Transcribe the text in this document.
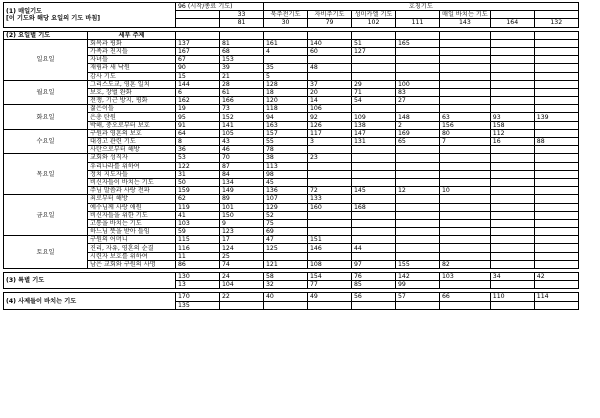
(1) 매일기도
[이 기도와 해당 요일의 기도 바침]		96 (시작/종료 기도)		호칭기도						
			33	묵주전기도	자비주기도	성미카엘 기도		매일 바치는 기도		
			81	30	79	102	111	143	164	132

(2) 요일별 기도	세부 주제									
일요일	회복과 평화	137	81	161	140	51	165			
	가족과 친지들	167	68	4	60	127				
	자녀들	67	153							
	재림과 새 낙원	90	39	35	48					
	감사 기도	15	21	5						
월요일	그리스도교, 영혼 일치	144	28	128	37	29	100			
	보호, 장벌 완화	6	61	18	20	71	83			
	전쟁, 기근 방지, 평화	162	166	120	14	54	27			
화요일	젊은이들	19	73	118	106					
	은총 탄원	95	152	94	92	109	148	63	93	139
	박해, 중오로부터 보호	91	141	163	126	138	2	156	158	
수요일	구원과 영혼의 보호	64	105	157	117	147	169	80	112	
	대경고 관련 기도	8	43	55	3	131	65	7	16	88
	사탄으로부터 해방	36	46	78						
목요일	교회와 성직자	53	70	38	23					
	우리나라를 위하여	122	87	113						
	정치 지도자들	31	84	98						
	비신자들이 바치는 기도	50	134	45						
	주님 말씀과 사랑 전파	159	149	136	72	145	12	10		
금요일	죄로부터 해방	62	89	107	133					
	예수님께 사랑 애원	119	101	129	160	168				
	비신자들을 위한 기도	41	150	52						
	고통을 바치는 기도	103	9	75						
	하느님 뜻을 받아 들임	59	123	69						
토요일	구원의 어머니	115	17	47	151					
	진리, 자유, 영혼의 순결	116	124	125	146	44				
	시련자 보호를 위하여	11	25							
	남은 교회와 구원의 사명	86	74	121	108	97	155	82		

(3) 특별 기도		130	24	58	154	76	142	103	34	42
		13	104	32	77	85	99			

(4) 사제들이 바치는 기도		170	22	40	49	56	57	66	110	114
		135								
